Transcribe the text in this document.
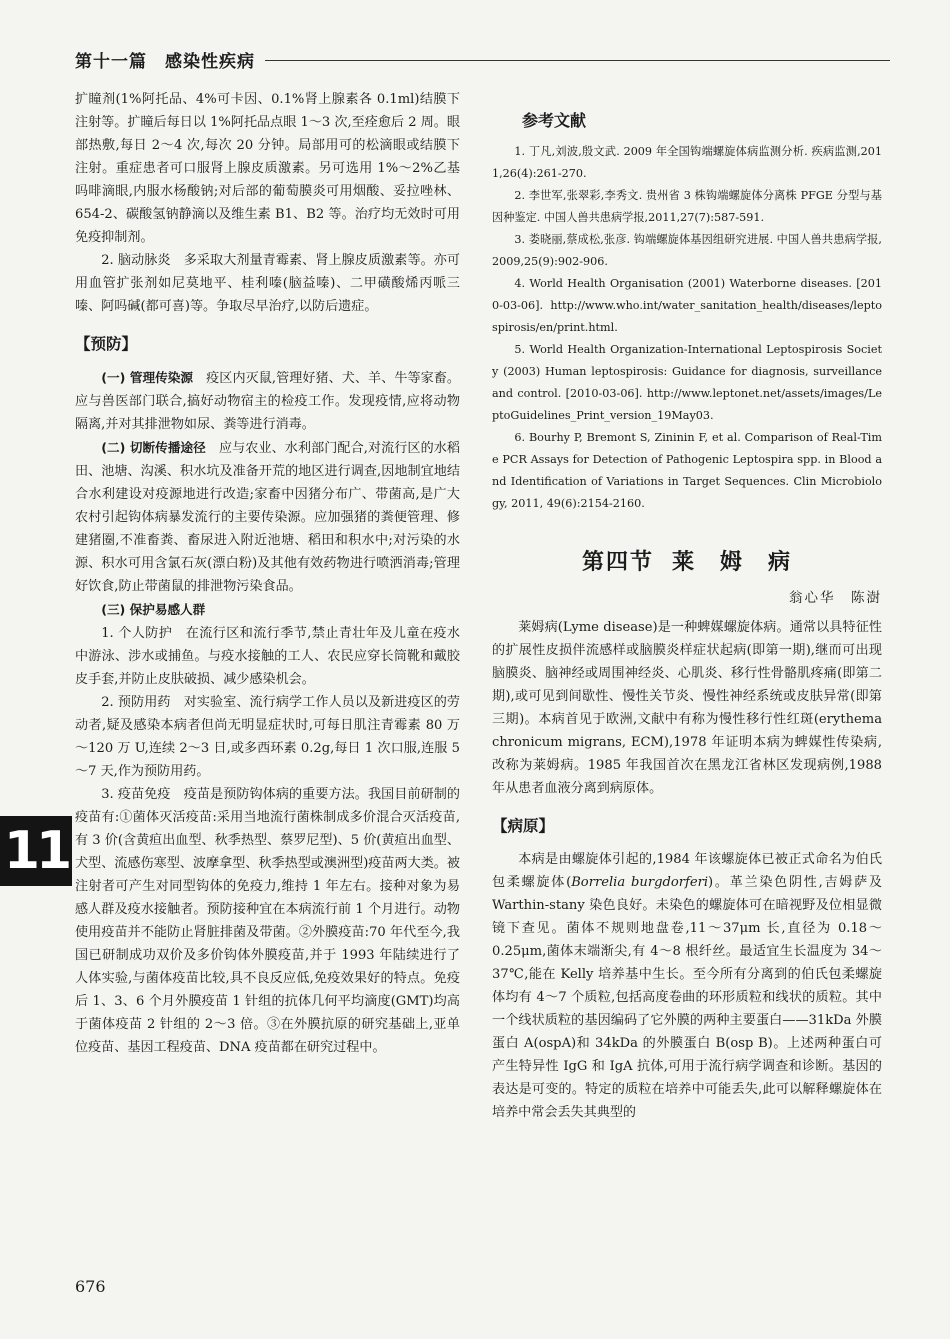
第十一篇　感染性疾病

扩瞳剂(1%阿托品、4%可卡因、0.1%肾上腺素各 0.1ml)结膜下注射等。扩瞳后每日以 1%阿托品点眼 1～3 次,至痊愈后 2 周。眼部热敷,每日 2～4 次,每次 20 分钟。局部用可的松滴眼或结膜下注射。重症患者可口服肾上腺皮质激素。另可选用 1%～2%乙基吗啡滴眼,内服水杨酸钠;对后部的葡萄膜炎可用烟酸、妥拉唑林、654-2、碳酸氢钠静滴以及维生素 B1、B2 等。治疗均无效时可用免疫抑制剂。

2. 脑动脉炎　多采取大剂量青霉素、肾上腺皮质激素等。亦可用血管扩张剂如尼莫地平、桂利嗪(脑益嗪)、二甲磺酸烯丙哌三嗪、阿吗碱(都可喜)等。争取尽早治疗,以防后遗症。

【预防】

(一) 管理传染源　疫区内灭鼠,管理好猪、犬、羊、牛等家畜。应与兽医部门联合,搞好动物宿主的检疫工作。发现疫情,应将动物隔离,并对其排泄物如尿、粪等进行消毒。

(二) 切断传播途径　应与农业、水利部门配合,对流行区的水稻田、池塘、沟溪、积水坑及准备开荒的地区进行调查,因地制宜地结合水利建设对疫源地进行改造;家畜中因猪分布广、带菌高,是广大农村引起钩体病暴发流行的主要传染源。应加强猪的粪便管理、修建猪圈,不准畜粪、畜尿进入附近池塘、稻田和积水中;对污染的水源、积水可用含氯石灰(漂白粉)及其他有效药物进行喷洒消毒;管理好饮食,防止带菌鼠的排泄物污染食品。

(三) 保护易感人群

1. 个人防护　在流行区和流行季节,禁止青壮年及儿童在疫水中游泳、涉水或捕鱼。与疫水接触的工人、农民应穿长筒靴和戴胶皮手套,并防止皮肤破损、减少感染机会。

2. 预防用药　对实验室、流行病学工作人员以及新进疫区的劳动者,疑及感染本病者但尚无明显症状时,可每日肌注青霉素 80 万～120 万 U,连续 2～3 日,或多西环素 0.2g,每日 1 次口服,连服 5～7 天,作为预防用药。

3. 疫苗免疫　疫苗是预防钩体病的重要方法。我国目前研制的疫苗有:①菌体灭活疫苗:采用当地流行菌株制成多价混合灭活疫苗,有 3 价(含黄疸出血型、秋季热型、蔡罗尼型)、5 价(黄疸出血型、犬型、流感伤寒型、波摩拿型、秋季热型或澳洲型)疫苗两大类。被注射者可产生对同型钩体的免疫力,维持 1 年左右。接种对象为易感人群及疫水接触者。预防接种宜在本病流行前 1 个月进行。动物使用疫苗并不能防止肾脏排菌及带菌。②外膜疫苗:70 年代至今,我国已研制成功双价及多价钩体外膜疫苗,并于 1993 年陆续进行了人体实验,与菌体疫苗比较,具不良反应低,免疫效果好的特点。免疫后 1、3、6 个月外膜疫苗 1 针组的抗体几何平均滴度(GMT)均高于菌体疫苗 2 针组的 2～3 倍。③在外膜抗原的研究基础上,亚单位疫苗、基因工程疫苗、DNA 疫苗都在研究过程中。

参考文献

1. 丁凡,刘波,殷文武. 2009 年全国钩端螺旋体病监测分析. 疾病监测,2011,26(4):261-270.

2. 李世军,张翠彩,李秀文. 贵州省 3 株钩端螺旋体分离株 PFGE 分型与基因种鉴定. 中国人兽共患病学报,2011,27(7):587-591.

3. 娄晓丽,蔡成松,张彦. 钩端螺旋体基因组研究进展. 中国人兽共患病学报,2009,25(9):902-906.

4. World Health Organisation (2001) Waterborne diseases. [2010-03-06]. http://www.who.int/water_sanitation_health/diseases/leptospirosis/en/print.html.

5. World Health Organization-International Leptospirosis Society (2003) Human leptospirosis: Guidance for diagnosis, surveillance and control. [2010-03-06]. http://www.leptonet.net/assets/images/LeptoGuidelines_Print_version_19May03.

6. Bourhy P, Bremont S, Zininin F, et al. Comparison of Real-Time PCR Assays for Detection of Pathogenic Leptospira spp. in Blood and Identification of Variations in Target Sequences. Clin Microbiology, 2011, 49(6):2154-2160.

第四节 莱　姆　病
翁心华　陈澍

莱姆病(Lyme disease)是一种蜱媒螺旋体病。通常以具特征性的扩展性皮损伴流感样或脑膜炎样症状起病(即第一期),继而可出现脑膜炎、脑神经或周围神经炎、心肌炎、移行性骨骼肌疼痛(即第二期),或可见到间歇性、慢性关节炎、慢性神经系统或皮肤异常(即第三期)。本病首见于欧洲,文献中有称为慢性移行性红斑(erythema chronicum migrans, ECM),1978 年证明本病为蜱媒性传染病,改称为莱姆病。1985 年我国首次在黑龙江省林区发现病例,1988 年从患者血液分离到病原体。

【病原】

本病是由螺旋体引起的,1984 年该螺旋体已被正式命名为伯氏包柔螺旋体(Borrelia burgdorferi)。革兰染色阴性,吉姆萨及 Warthin-stany 染色良好。未染色的螺旋体可在暗视野及位相显微镜下查见。菌体不规则地盘卷,11～37μm 长,直径为 0.18～0.25μm,菌体末端渐尖,有 4～8 根纤丝。最适宜生长温度为 34～37℃,能在 Kelly 培养基中生长。至今所有分离到的伯氏包柔螺旋体均有 4～7 个质粒,包括高度卷曲的环形质粒和线状的质粒。其中一个线状质粒的基因编码了它外膜的两种主要蛋白——31kDa 外膜蛋白 A(ospA)和 34kDa 的外膜蛋白 B(osp B)。上述两种蛋白可产生特异性 IgG 和 IgA 抗体,可用于流行病学调查和诊断。基因的表达是可变的。特定的质粒在培养中可能丢失,此可以解释螺旋体在培养中常会丢失其典型的

11
676
